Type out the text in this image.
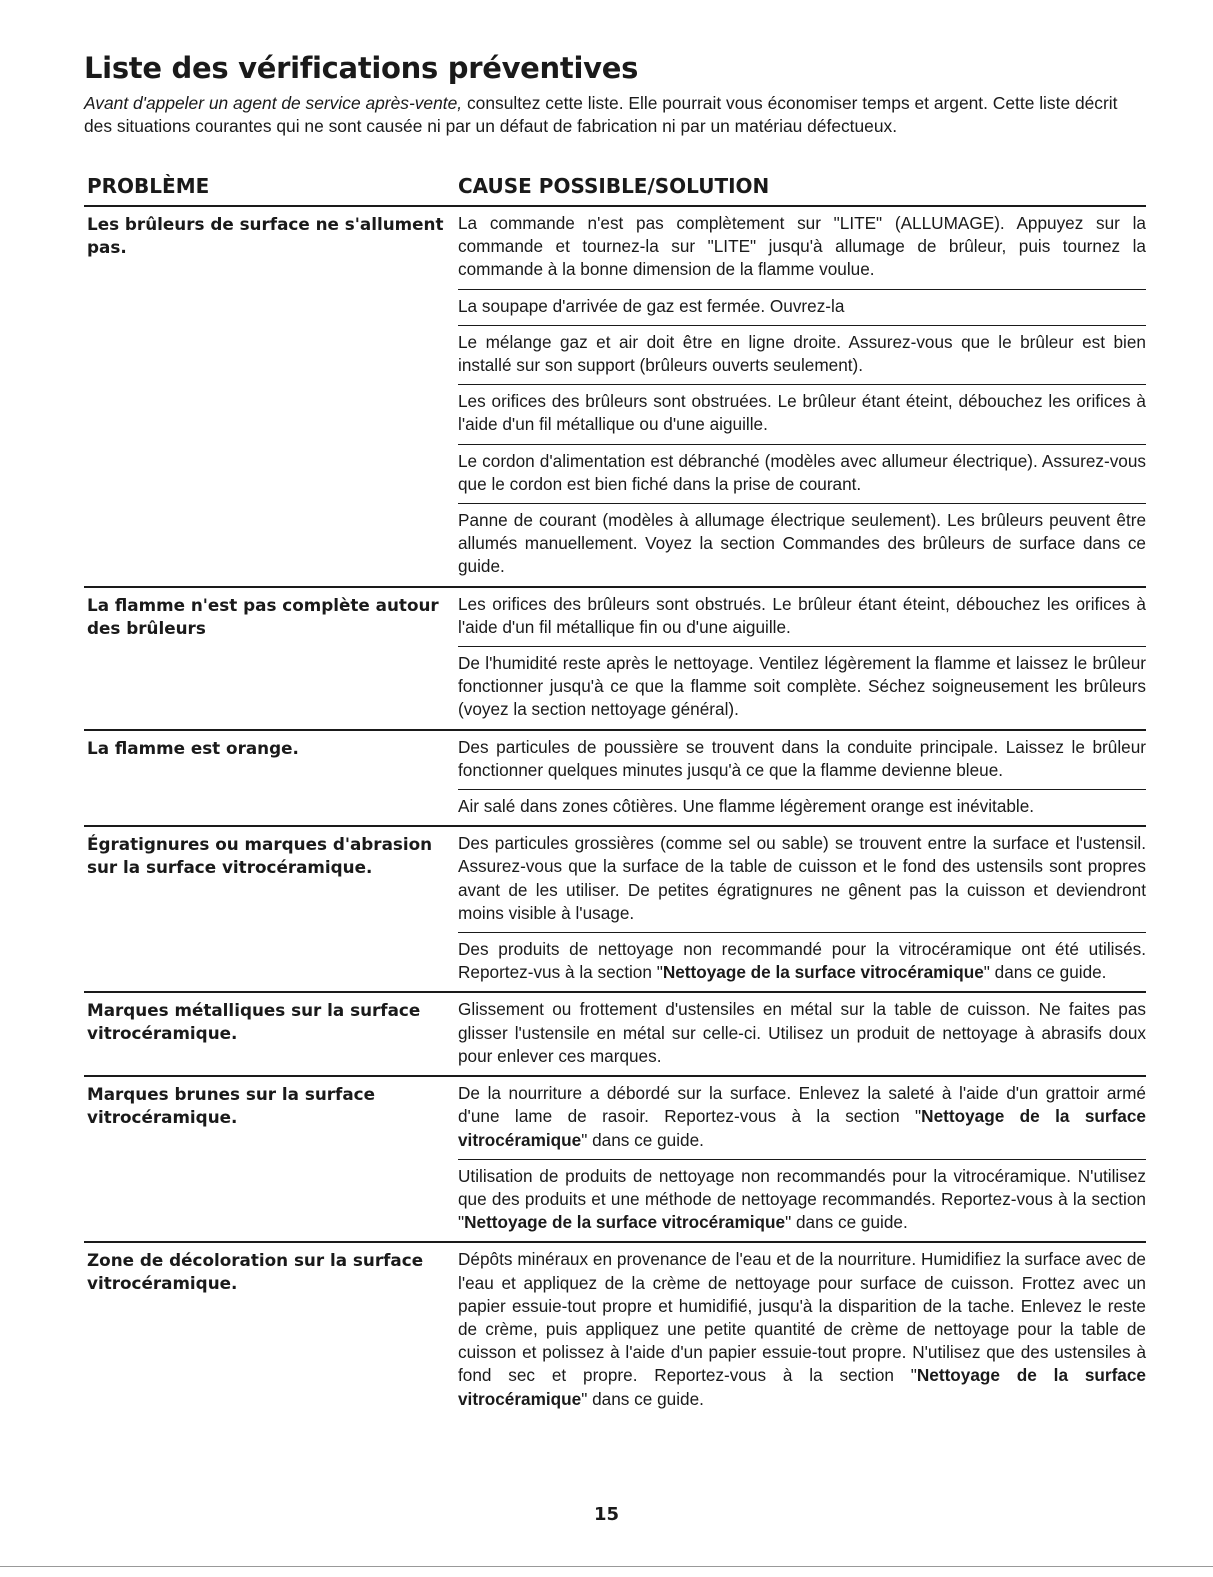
Liste des vérifications préventives

Avant d'appeler un agent de service après-vente, consultez cette liste. Elle pourrait vous économiser temps et argent. Cette liste décrit des situations courantes qui ne sont causée ni par un défaut de fabrication ni par un matériau défectueux.

PROBLÈME	CAUSE POSSIBLE/SOLUTION
Les brûleurs de surface ne s'allument pas.
La commande n'est pas complètement sur "LITE" (ALLUMAGE). Appuyez sur la commande et tournez-la sur "LITE" jusqu'à allumage de brûleur, puis tournez la commande à la bonne dimension de la flamme voulue.
La soupape d'arrivée de gaz est fermée. Ouvrez-la
Le mélange gaz et air doit être en ligne droite. Assurez-vous que le brûleur est bien installé sur son support (brûleurs ouverts seulement).
Les orifices des brûleurs sont obstruées. Le brûleur étant éteint, débouchez les orifices à l'aide d'un fil métallique ou d'une aiguille.
Le cordon d'alimentation est débranché (modèles avec allumeur électrique). Assurez-vous que le cordon est bien fiché dans la prise de courant.
Panne de courant (modèles à allumage électrique seulement). Les brûleurs peuvent être allumés manuellement. Voyez la section Commandes des brûleurs de surface dans ce guide.
La flamme n'est pas complète autour des brûleurs
Les orifices des brûleurs sont obstrués. Le brûleur étant éteint, débouchez les orifices à l'aide d'un fil métallique fin ou d'une aiguille.
De l'humidité reste après le nettoyage. Ventilez légèrement la flamme et laissez le brûleur fonctionner jusqu'à ce que la flamme soit complète. Séchez soigneusement les brûleurs (voyez la section nettoyage général).
La flamme est orange.	Des particules de poussière se trouvent dans la conduite principale. Laissez le brûleur fonctionner quelques minutes jusqu'à ce que la flamme devienne bleue.
Air salé dans zones côtières. Une flamme légèrement orange est inévitable.
Égratignures ou marques d'abrasion sur la surface vitrocéramique.
Des particules grossières (comme sel ou sable) se trouvent entre la surface et l'ustensil. Assurez-vous que la surface de la table de cuisson et le fond des ustensils sont propres avant de les utiliser. De petites égratignures ne gênent pas la cuisson et deviendront moins visible à l'usage.
Des produits de nettoyage non recommandé pour la vitrocéramique ont été utilisés. Reportez-vus à la section "Nettoyage de la surface vitrocéramique" dans ce guide.
Marques métalliques sur la surface vitrocéramique.
Glissement ou frottement d'ustensiles en métal sur la table de cuisson. Ne faites pas glisser l'ustensile en métal sur celle-ci. Utilisez un produit de nettoyage à abrasifs doux pour enlever ces marques.
Marques brunes sur la surface vitrocéramique.
De la nourriture a débordé sur la surface. Enlevez la saleté à l'aide d'un grattoir armé d'une lame de rasoir. Reportez-vous à la section "Nettoyage de la surface vitrocéramique" dans ce guide.
Utilisation de produits de nettoyage non recommandés pour la vitrocéramique. N'utilisez que des produits et une méthode de nettoyage recommandés. Reportez-vous à la section "Nettoyage de la surface vitrocéramique" dans ce guide.
Zone de décoloration sur la surface vitrocéramique.
Dépôts minéraux en provenance de l'eau et de la nourriture. Humidifiez la surface avec de l'eau et appliquez de la crème de nettoyage pour surface de cuisson. Frottez avec un papier essuie-tout propre et humidifié, jusqu'à la disparition de la tache. Enlevez le reste de crème, puis appliquez une petite quantité de crème de nettoyage pour la table de cuisson et polissez à l'aide d'un papier essuie-tout propre. N'utilisez que des ustensiles à fond sec et propre. Reportez-vous à la section "Nettoyage de la surface vitrocéramique" dans ce guide.
15
